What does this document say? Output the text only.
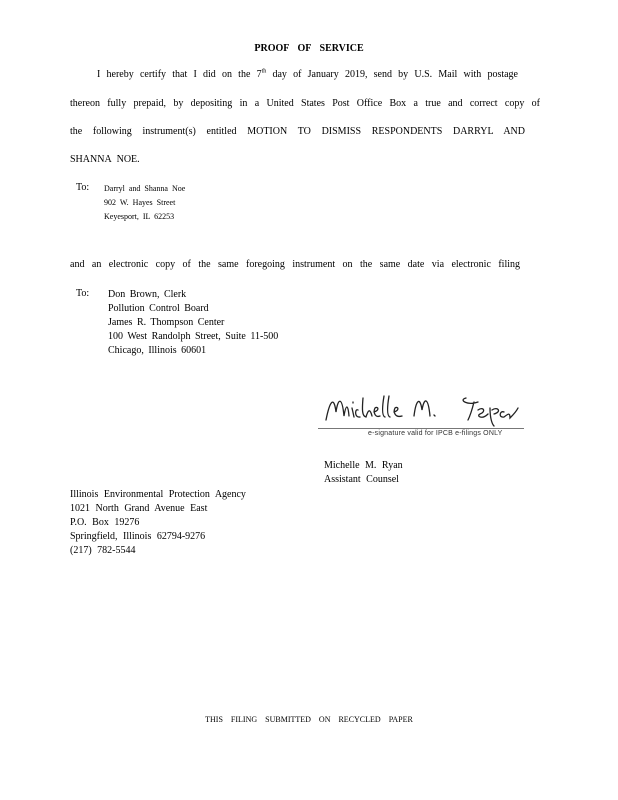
PROOF OF SERVICE
I hereby certify that I did on the 7th day of January 2019, send by U.S. Mail with postage
thereon fully prepaid, by depositing in a United States Post Office Box a true and correct copy of
the following instrument(s) entitled MOTION TO DISMISS RESPONDENTS DARRYL AND
SHANNA NOE.
To: Darryl and Shanna Noe
902 W. Hayes Street
Keyesport, IL 62253
and an electronic copy of the same foregoing instrument on the same date via electronic filing
To: Don Brown, Clerk
Pollution Control Board
James R. Thompson Center
100 West Randolph Street, Suite 11-500
Chicago, Illinois 60601
e-signature valid for IPCB e-filings ONLY
Michelle M. Ryan
Assistant Counsel
Illinois Environmental Protection Agency
1021 North Grand Avenue East
P.O. Box 19276
Springfield, Illinois 62794-9276
(217) 782-5544
THIS FILING SUBMITTED ON RECYCLED PAPER
